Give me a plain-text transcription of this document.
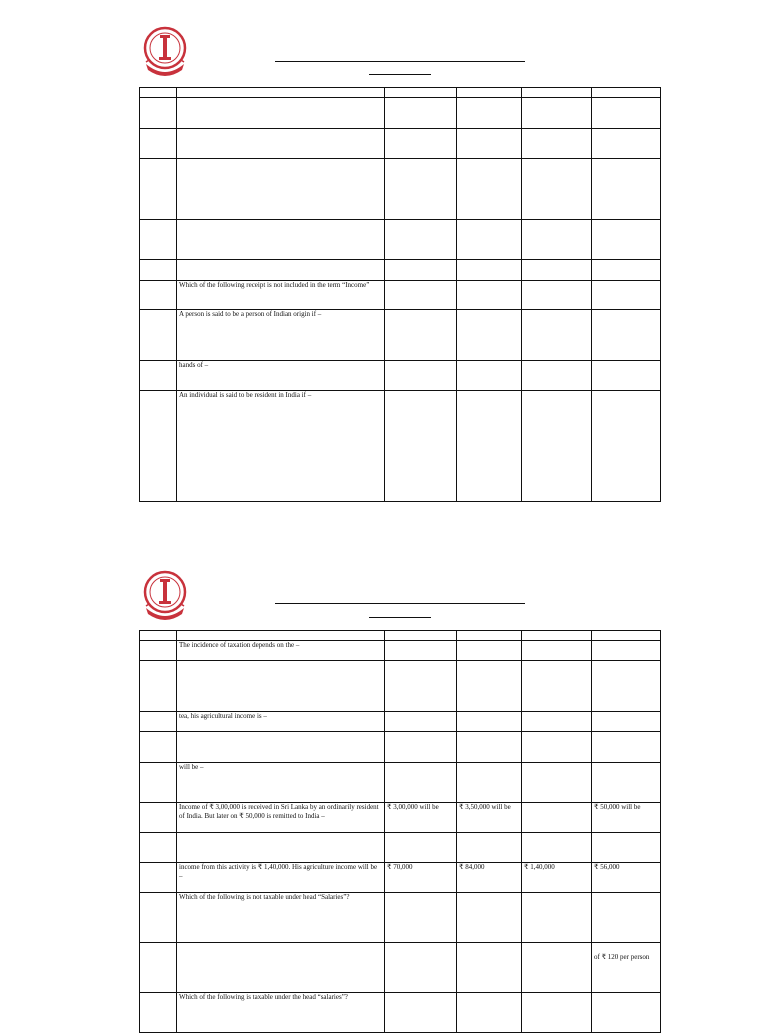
	Which of the following receipt is not included in the term “Income”				
	A person is said to be a person of Indian origin if –				
	hands of –				
	An individual is said to be resident in India if –				

	The incidence of taxation depends on the –				

	tea, his agricultural income is –				

	will be –				
	Income of ₹ 3,00,000 is received in Sri Lanka by an ordinarily resident of India. But later on ₹ 50,000 is remitted to India –	₹ 3,00,000 will be	₹ 3,50,000 will be		₹ 50,000 will be

	income from this activity is ₹ 1,40,000. His agriculture income will be –	₹ 70,000	₹ 84,000	₹ 1,40,000	₹ 56,000
	Which of the following is not taxable under head “Salaries”?				
					of ₹ 120 per person
	Which of the following is taxable under the head “salaries”?				
